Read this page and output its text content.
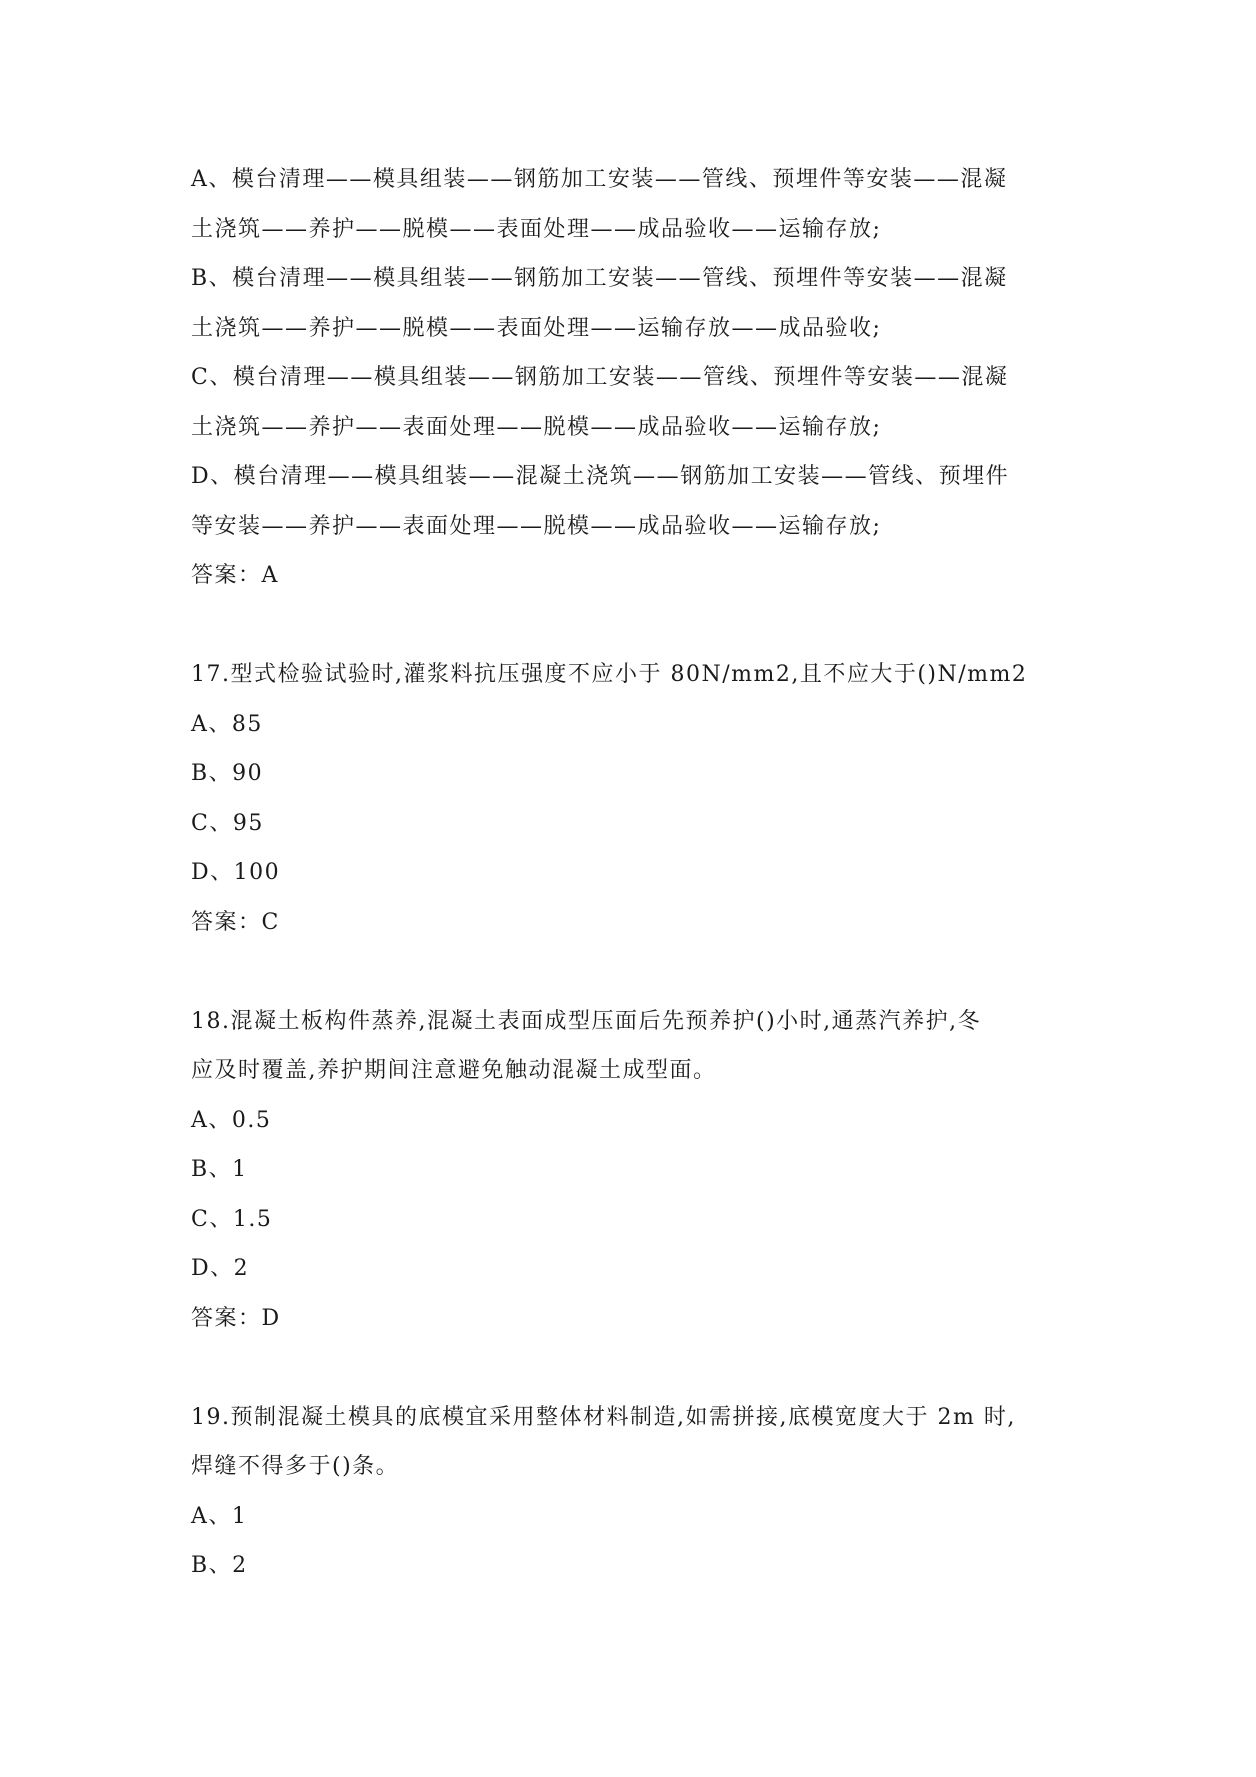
A、模台清理——模具组装——钢筋加工安装——管线、预埋件等安装——混凝
土浇筑——养护——脱模——表面处理——成品验收——运输存放;
B、模台清理——模具组装——钢筋加工安装——管线、预埋件等安装——混凝
土浇筑——养护——脱模——表面处理——运输存放——成品验收;
C、模台清理——模具组装——钢筋加工安装——管线、预埋件等安装——混凝
土浇筑——养护——表面处理——脱模——成品验收——运输存放;
D、模台清理——模具组装——混凝土浇筑——钢筋加工安装——管线、预埋件
等安装——养护——表面处理——脱模——成品验收——运输存放;
答案：A
17.型式检验试验时,灌浆料抗压强度不应小于 80N/mm2,且不应大于()N/mm2
A、85
B、90
C、95
D、100
答案：C
18.混凝土板构件蒸养,混凝土表面成型压面后先预养护()小时,通蒸汽养护,冬
应及时覆盖,养护期间注意避免触动混凝土成型面。
A、0.5
B、1
C、1.5
D、2
答案：D
19.预制混凝土模具的底模宜采用整体材料制造,如需拼接,底模宽度大于 2m 时,
焊缝不得多于()条。
A、1
B、2
